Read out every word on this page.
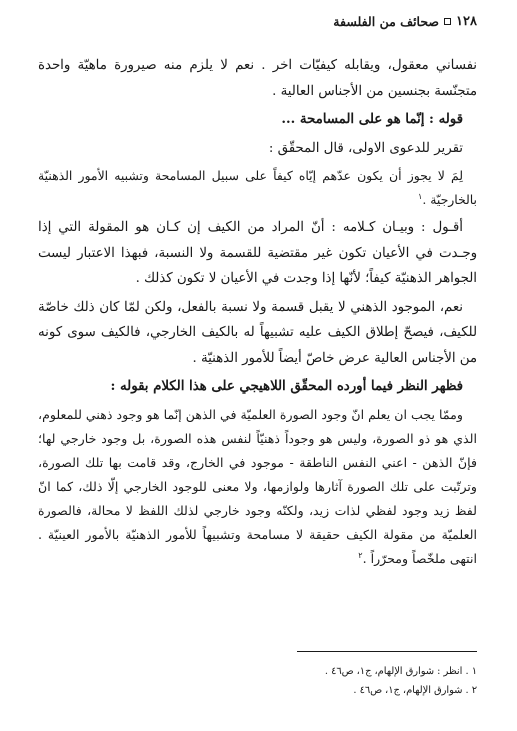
١٢٨
صحائف من الفلسفة

نفساني معقول، ويقابله كيفيّات اخر . نعم لا يلزم منه صيرورة ماهيّة واحدة متجنّسة بجنسين من الأجناس العالية .

قوله : إنّما هو على المسامحة ...

تقرير للدعوى الاولى، قال المحقّق :

لِمَ لا يجوز أن يكون عدّهم إيّاه كيفاً على سبيل المسامحة وتشبيه الأمور الذهنيّة بالخارجيّة .$^١$

أقـول : وبيـان كـلامه : أنّ المراد من الكيف إن كـان هو المقولة التي إذا وجـدت في الأعيان تكون غير مقتضية للقسمة ولا النسبة، فبهذا الاعتبار ليست الجواهر الذهنيّة كيفاً؛ لأنّها إذا وجدت في الأعيان لا تكون كذلك .

نعم، الموجود الذهني لا يقبل قسمة ولا نسبة بالفعل، ولكن لمّا كان ذلك خاصّة للكيف، فيصحّ إطلاق الكيف عليه تشبيهاً له بالكيف الخارجي، فالكيف سوى كونه من الأجناس العالية عرض خاصّ أيضاً للأمور الذهنيّة .

فظهر النظر فيما أورده المحقّق اللاهيجي على هذا الكلام بقوله :

وممّا يجب ان يعلم انّ وجود الصورة العلميّة في الذهن إنّما هو وجود ذهني للمعلوم، الذي هو ذو الصورة، وليس هو وجوداً ذهنيّاً لنفس هذه الصورة، بل وجود خارجي لها؛ فإنّ الذهن - اعني النفس الناطقة - موجود في الخارج، وقد قامت بها تلك الصورة، وترتّبت على تلك الصورة آثارها ولوازمها، ولا معنى للوجود الخارجي إلّا ذلك، كما انّ لفظ زيد وجود لفظي لذات زيد، ولكنّه وجود خارجي لذلك اللفظ لا محالة، فالصورة العلميّة من مقولة الكيف حقيقة لا مسامحة وتشبيهاً للأمور الذهنيّة بالأمور العينيّة . انتهى ملخّصاً ومحرّراً .$^٢$

١ . انظر : شوارق الإلهام، ج١، ص٤٦ .
٢ . شوارق الإلهام، ج١، ص٤٦ .
